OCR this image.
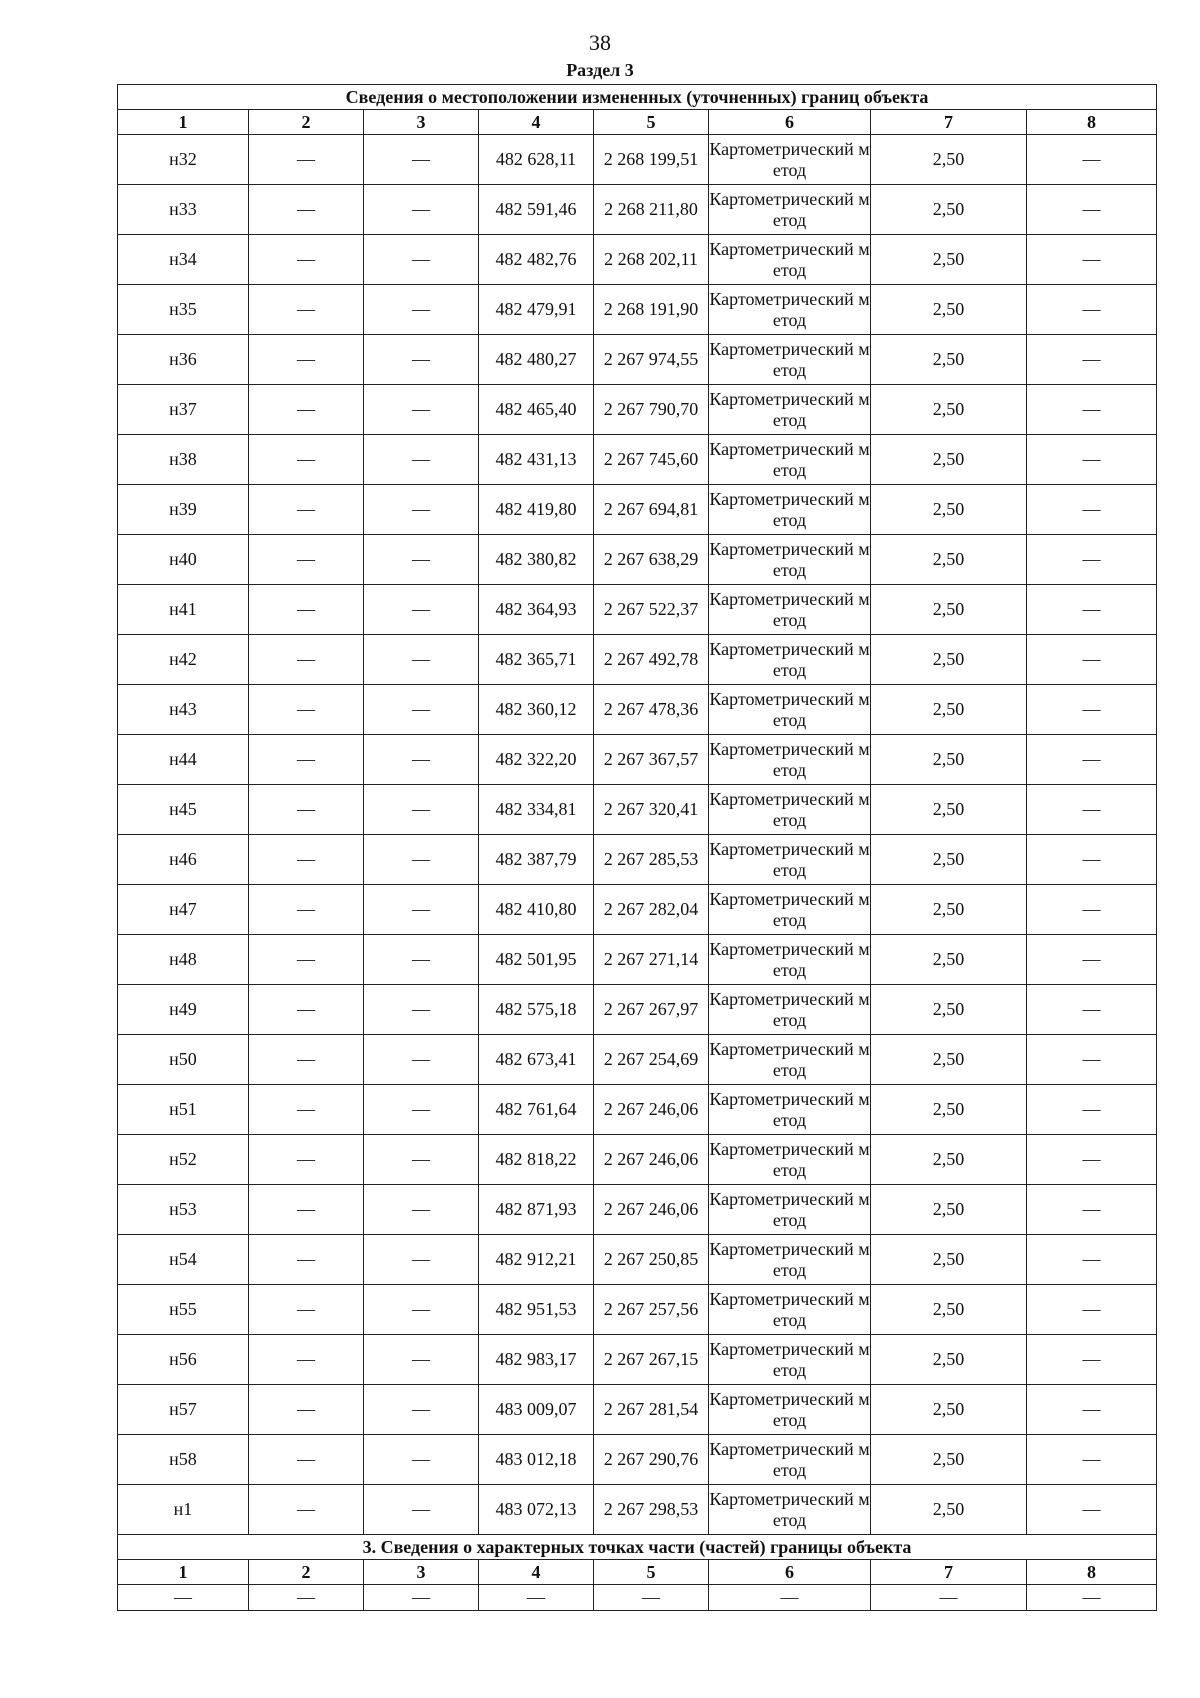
38
Раздел 3
Сведения о местоположении измененных (уточненных) границ объекта							
1	2	3	4	5	6	7	8
н32	—	—	482 628,11	2 268 199,51	Картометрический метод	2,50	—
н33	—	—	482 591,46	2 268 211,80	Картометрический метод	2,50	—
н34	—	—	482 482,76	2 268 202,11	Картометрический метод	2,50	—
н35	—	—	482 479,91	2 268 191,90	Картометрический метод	2,50	—
н36	—	—	482 480,27	2 267 974,55	Картометрический метод	2,50	—
н37	—	—	482 465,40	2 267 790,70	Картометрический метод	2,50	—
н38	—	—	482 431,13	2 267 745,60	Картометрический метод	2,50	—
н39	—	—	482 419,80	2 267 694,81	Картометрический метод	2,50	—
н40	—	—	482 380,82	2 267 638,29	Картометрический метод	2,50	—
н41	—	—	482 364,93	2 267 522,37	Картометрический метод	2,50	—
н42	—	—	482 365,71	2 267 492,78	Картометрический метод	2,50	—
н43	—	—	482 360,12	2 267 478,36	Картометрический метод	2,50	—
н44	—	—	482 322,20	2 267 367,57	Картометрический метод	2,50	—
н45	—	—	482 334,81	2 267 320,41	Картометрический метод	2,50	—
н46	—	—	482 387,79	2 267 285,53	Картометрический метод	2,50	—
н47	—	—	482 410,80	2 267 282,04	Картометрический метод	2,50	—
н48	—	—	482 501,95	2 267 271,14	Картометрический метод	2,50	—
н49	—	—	482 575,18	2 267 267,97	Картометрический метод	2,50	—
н50	—	—	482 673,41	2 267 254,69	Картометрический метод	2,50	—
н51	—	—	482 761,64	2 267 246,06	Картометрический метод	2,50	—
н52	—	—	482 818,22	2 267 246,06	Картометрический метод	2,50	—
н53	—	—	482 871,93	2 267 246,06	Картометрический метод	2,50	—
н54	—	—	482 912,21	2 267 250,85	Картометрический метод	2,50	—
н55	—	—	482 951,53	2 267 257,56	Картометрический метод	2,50	—
н56	—	—	482 983,17	2 267 267,15	Картометрический метод	2,50	—
н57	—	—	483 009,07	2 267 281,54	Картометрический метод	2,50	—
н58	—	—	483 012,18	2 267 290,76	Картометрический метод	2,50	—
н1	—	—	483 072,13	2 267 298,53	Картометрический метод	2,50	—
3. Сведения о характерных точках части (частей) границы объекта							
1	2	3	4	5	6	7	8
—	—	—	—	—	—	—	—
